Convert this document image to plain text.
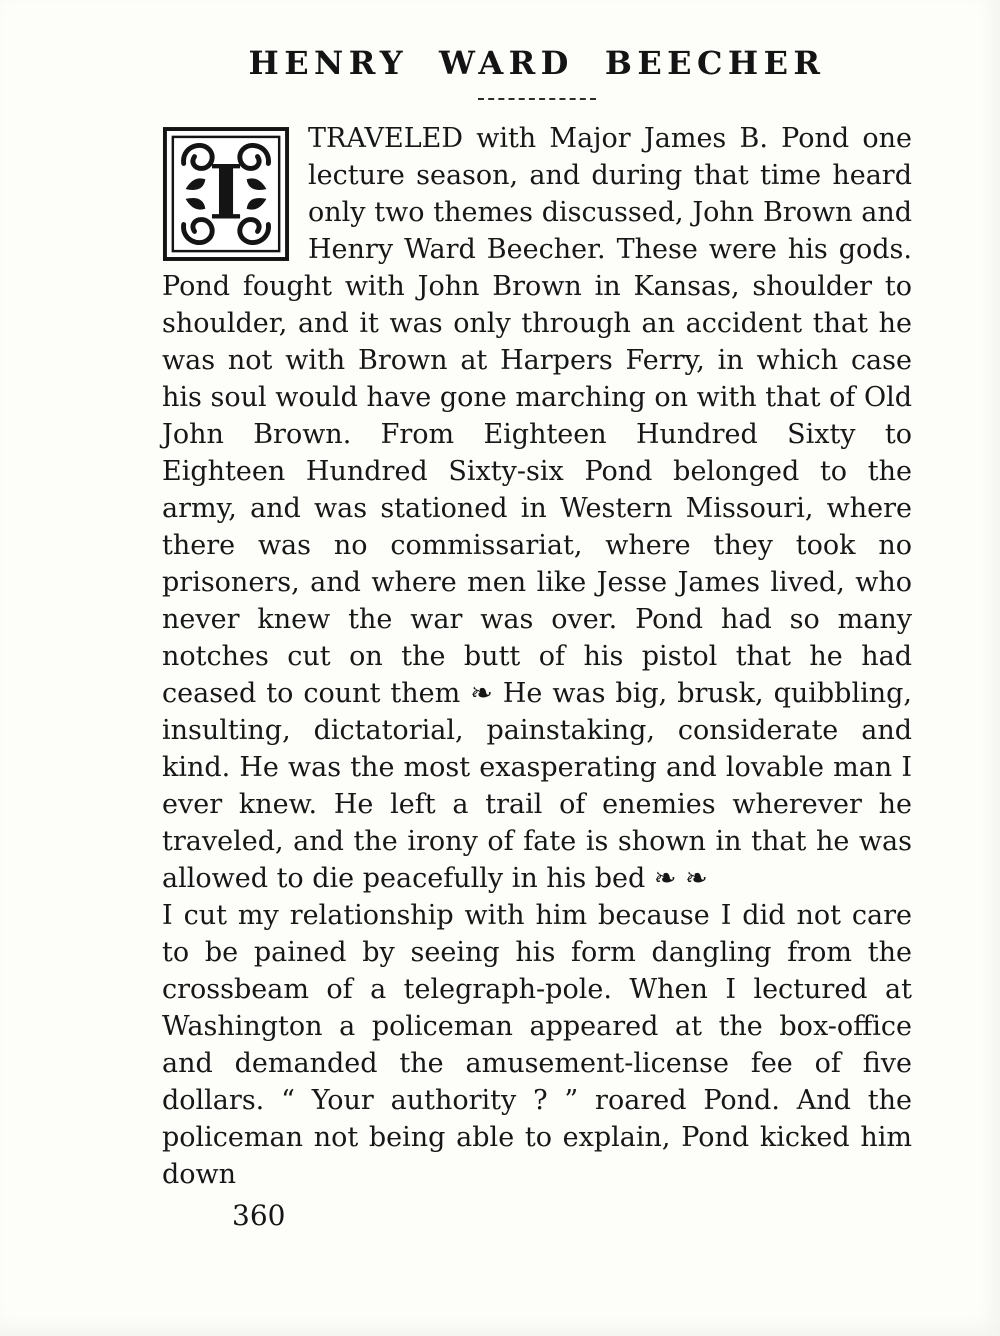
HENRY WARD BEECHER

I
TRAVELED with Major James B. Pond one lecture season, and during that time heard only two themes discussed, John Brown and Henry Ward Beecher. These were his gods. Pond fought with John Brown in Kansas, shoulder to shoulder, and it was only through an accident that he was not with Brown at Harpers Ferry, in which case his soul would have gone marching on with that of Old John Brown. From Eighteen Hundred Sixty to Eighteen Hundred Sixty-six Pond belonged to the army, and was stationed in Western Missouri, where there was no commissariat, where they took no prisoners, and where men like Jesse James lived, who never knew the war was over. Pond had so many notches cut on the butt of his pistol that he had ceased to count them ❧ He was big, brusk, quibbling, insulting, dictatorial, painstaking, considerate and kind. He was the most exasperating and lovable man I ever knew. He left a trail of enemies wherever he traveled, and the irony of fate is shown in that he was allowed to die peacefully in his bed ❧ ❧

I cut my relationship with him because I did not care to be pained by seeing his form dangling from the crossbeam of a telegraph-pole. When I lectured at Washington a policeman appeared at the box-office and demanded the amusement-license fee of five dollars. “ Your authority ? ” roared Pond. And the policeman not being able to explain, Pond kicked him down

360
